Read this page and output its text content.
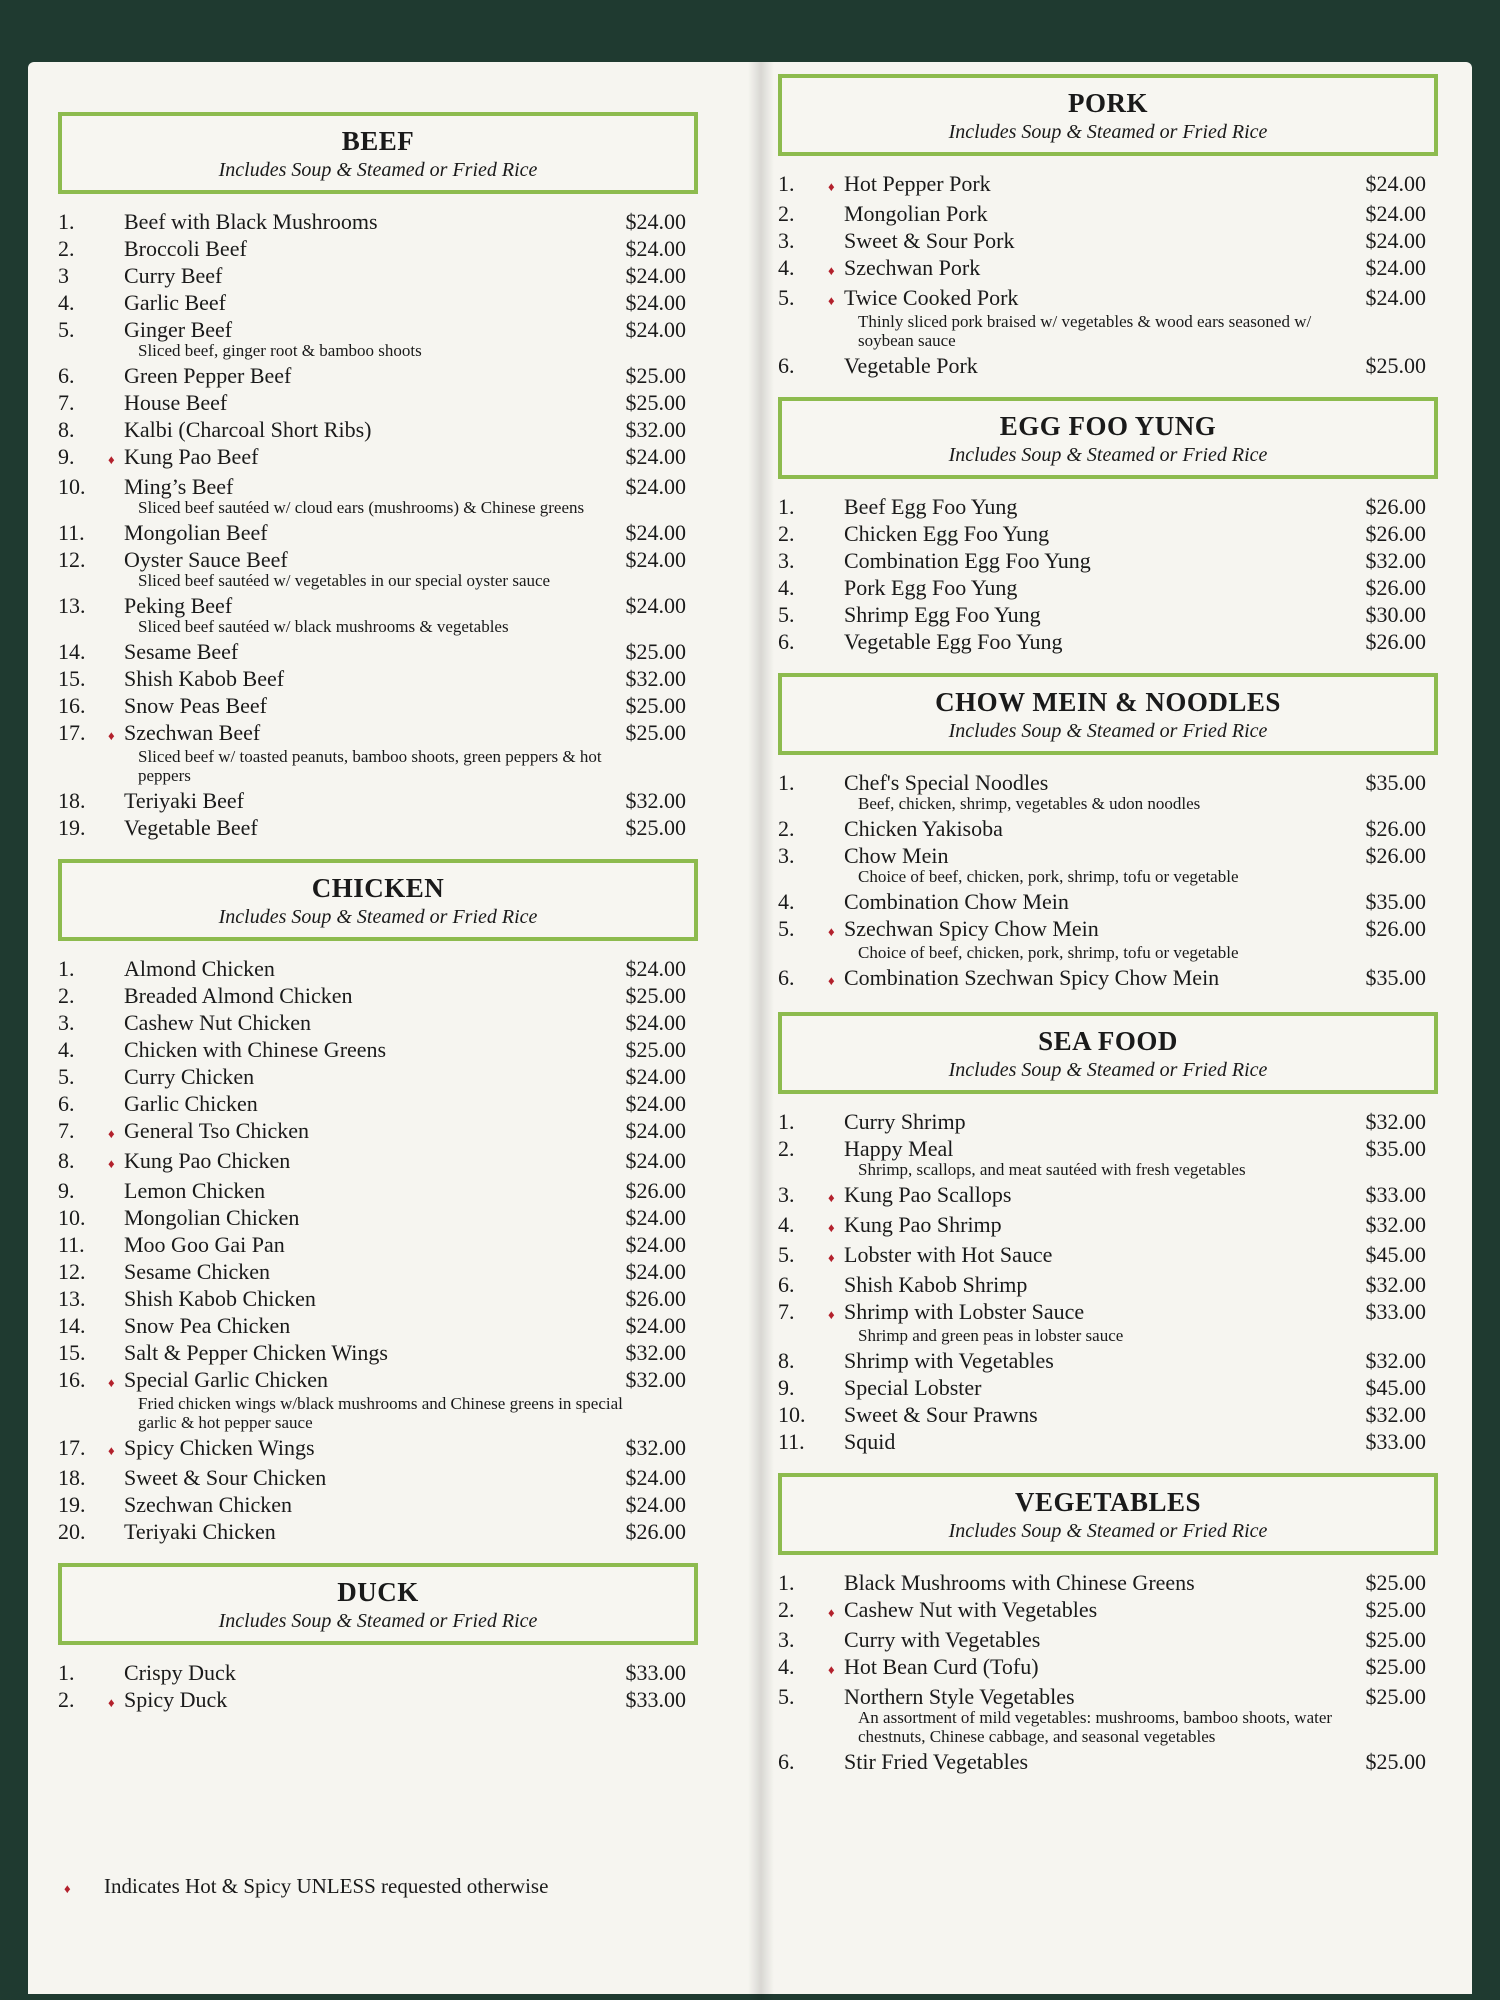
BEEF
Includes Soup & Steamed or Fried Rice
1.	Beef with Black Mushrooms	$24.00
2.	Broccoli Beef	$24.00
3	Curry Beef	$24.00
4.	Garlic Beef	$24.00
5.	Ginger Beef	$24.00
Sliced beef, ginger root & bamboo shoots
6.	Green Pepper Beef	$25.00
7.	House Beef	$25.00
8.	Kalbi (Charcoal Short Ribs)	$32.00
9.	♦ Kung Pao Beef	$24.00
10.	Ming’s Beef	$24.00
Sliced beef sautéed w/ cloud ears (mushrooms) & Chinese greens
11.	Mongolian Beef	$24.00
12.	Oyster Sauce Beef	$24.00
Sliced beef sautéed w/ vegetables in our special oyster sauce
13.	Peking Beef	$24.00
Sliced beef sautéed w/ black mushrooms & vegetables
14.	Sesame Beef	$25.00
15.	Shish Kabob Beef	$32.00
16.	Snow Peas Beef	$25.00
17.	♦ Szechwan Beef	$25.00
Sliced beef w/ toasted peanuts, bamboo shoots, green peppers & hot peppers
18.	Teriyaki Beef	$32.00
19.	Vegetable Beef	$25.00
CHICKEN
Includes Soup & Steamed or Fried Rice
1.	Almond Chicken	$24.00
2.	Breaded Almond Chicken	$25.00
3.	Cashew Nut Chicken	$24.00
4.	Chicken with Chinese Greens	$25.00
5.	Curry Chicken	$24.00
6.	Garlic Chicken	$24.00
7.	♦ General Tso Chicken	$24.00
8.	♦ Kung Pao Chicken	$24.00
9.	Lemon Chicken	$26.00
10.	Mongolian Chicken	$24.00
11.	Moo Goo Gai Pan	$24.00
12.	Sesame Chicken	$24.00
13.	Shish Kabob Chicken	$26.00
14.	Snow Pea Chicken	$24.00
15.	Salt & Pepper Chicken Wings	$32.00
16.	♦ Special Garlic Chicken	$32.00
Fried chicken wings w/black mushrooms and Chinese greens in special garlic & hot pepper sauce
17.	♦ Spicy Chicken Wings	$32.00
18.	Sweet & Sour Chicken	$24.00
19.	Szechwan Chicken	$24.00
20.	Teriyaki Chicken	$26.00
DUCK
Includes Soup & Steamed or Fried Rice
1.	Crispy Duck	$33.00
2.	♦ Spicy Duck	$33.00
PORK
Includes Soup & Steamed or Fried Rice
1.	♦ Hot Pepper Pork	$24.00
2.	Mongolian Pork	$24.00
3.	Sweet & Sour Pork	$24.00
4.	♦ Szechwan Pork	$24.00
5.	♦ Twice Cooked Pork	$24.00
Thinly sliced pork braised w/ vegetables & wood ears seasoned w/ soybean sauce
6.	Vegetable Pork	$25.00
EGG FOO YUNG
Includes Soup & Steamed or Fried Rice
1.	Beef Egg Foo Yung	$26.00
2.	Chicken Egg Foo Yung	$26.00
3.	Combination Egg Foo Yung	$32.00
4.	Pork Egg Foo Yung	$26.00
5.	Shrimp Egg Foo Yung	$30.00
6.	Vegetable Egg Foo Yung	$26.00
CHOW MEIN & NOODLES
Includes Soup & Steamed or Fried Rice
1.	Chef's Special Noodles	$35.00
Beef, chicken, shrimp, vegetables & udon noodles
2.	Chicken Yakisoba	$26.00
3.	Chow Mein	$26.00
Choice of beef, chicken, pork, shrimp, tofu or vegetable
4.	Combination Chow Mein	$35.00
5.	♦ Szechwan Spicy Chow Mein	$26.00
Choice of beef, chicken, pork, shrimp, tofu or vegetable
6.	♦ Combination Szechwan Spicy Chow Mein	$35.00
SEA FOOD
Includes Soup & Steamed or Fried Rice
1.	Curry Shrimp	$32.00
2.	Happy Meal	$35.00
Shrimp, scallops, and meat sautéed with fresh vegetables
3.	♦ Kung Pao Scallops	$33.00
4.	♦ Kung Pao Shrimp	$32.00
5.	♦ Lobster with Hot Sauce	$45.00
6.	Shish Kabob Shrimp	$32.00
7.	♦ Shrimp with Lobster Sauce	$33.00
Shrimp and green peas in lobster sauce
8.	Shrimp with Vegetables	$32.00
9.	Special Lobster	$45.00
10.	Sweet & Sour Prawns	$32.00
11.	Squid	$33.00
VEGETABLES
Includes Soup & Steamed or Fried Rice
1.	Black Mushrooms with Chinese Greens	$25.00
2.	♦ Cashew Nut with Vegetables	$25.00
3.	Curry with Vegetables	$25.00
4.	♦ Hot Bean Curd (Tofu)	$25.00
5.	Northern Style Vegetables	$25.00
An assortment of mild vegetables: mushrooms, bamboo shoots, water chestnuts, Chinese cabbage, and seasonal vegetables
6.	Stir Fried Vegetables	$25.00
♦	Indicates Hot & Spicy UNLESS requested otherwise
